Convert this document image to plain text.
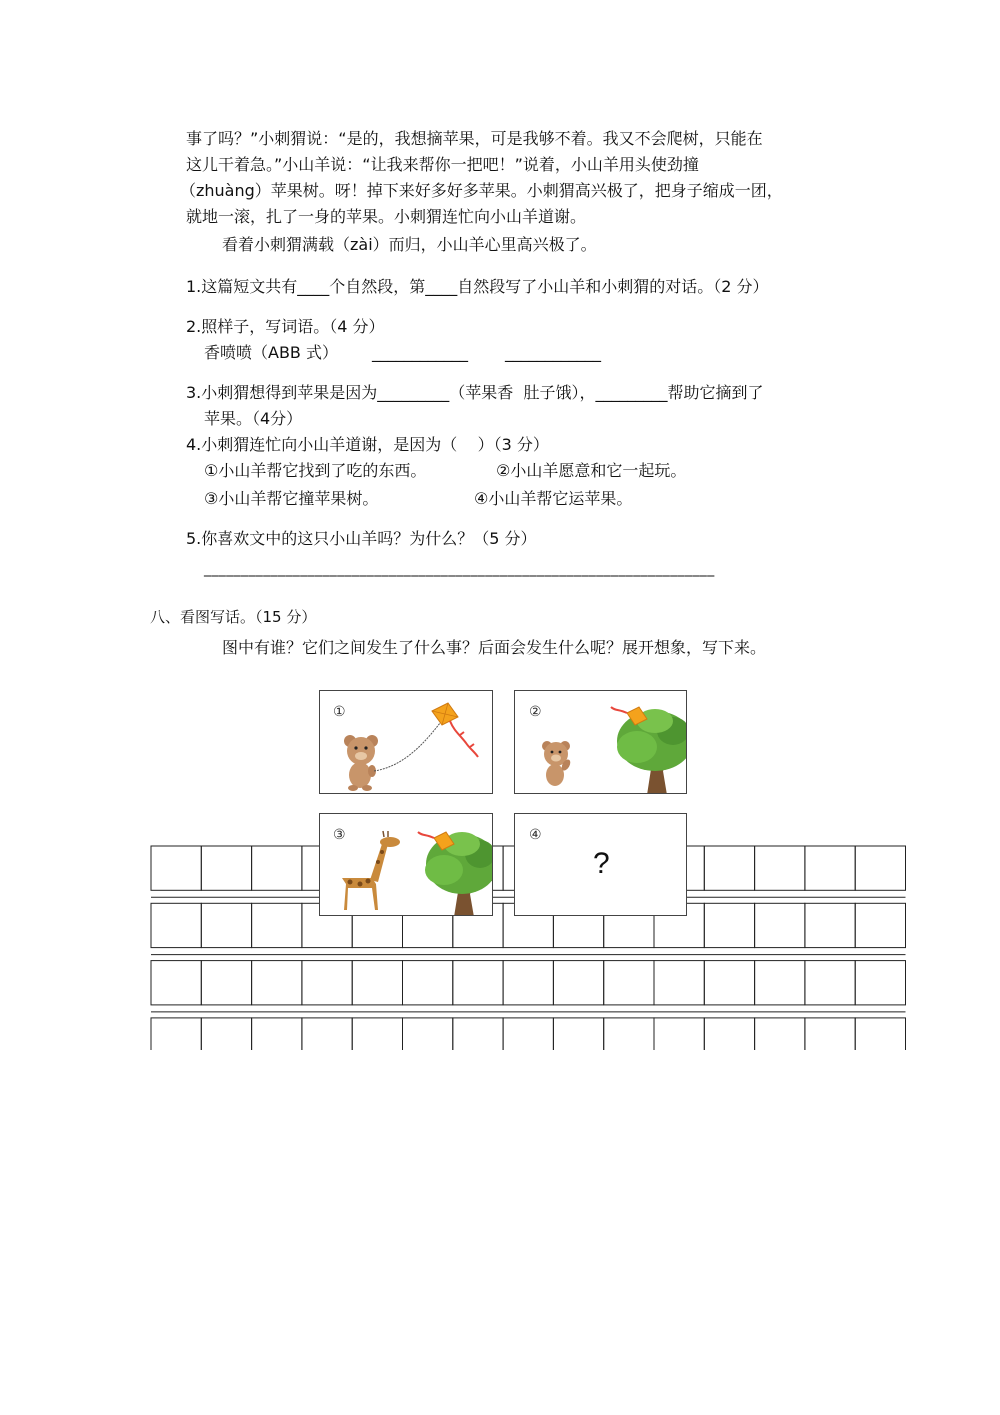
事了吗？”小刺猬说：“是的，我想摘苹果，可是我够不着。我又不会爬树，只能在
这儿干着急。”小山羊说：“让我来帮你一把吧！”说着，小山羊用头使劲撞
（zhuàng）苹果树。呀！掉下来好多好多苹果。小刺猬高兴极了，把身子缩成一团，
就地一滚，扎了一身的苹果。小刺猬连忙向小山羊道谢。
看着小刺猬满载（zài）而归，小山羊心里高兴极了。
1.这篇短文共有____个自然段，第____自然段写了小山羊和小刺猬的对话。（2 分）
2.照样子，写词语。（4 分）
香喷喷（ABB 式） ____________ ____________
3.小刺猬想得到苹果是因为_________（苹果香  肚子饿），_________帮助它摘到了
苹果。（4分）
4.小刺猬连忙向小山羊道谢，是因为（    ）（3 分）
①小山羊帮它找到了吃的东西。	②小山羊愿意和它一起玩。
③小山羊帮它撞苹果树。	④小山羊帮它运苹果。
5.你喜欢文中的这只小山羊吗？为什么？（5 分）
_____________________________________________________________________
八、看图写话。（15 分）
图中有谁？它们之间发生了什么事？后面会发生什么呢？展开想象，写下来。
①	②
③	④
?
